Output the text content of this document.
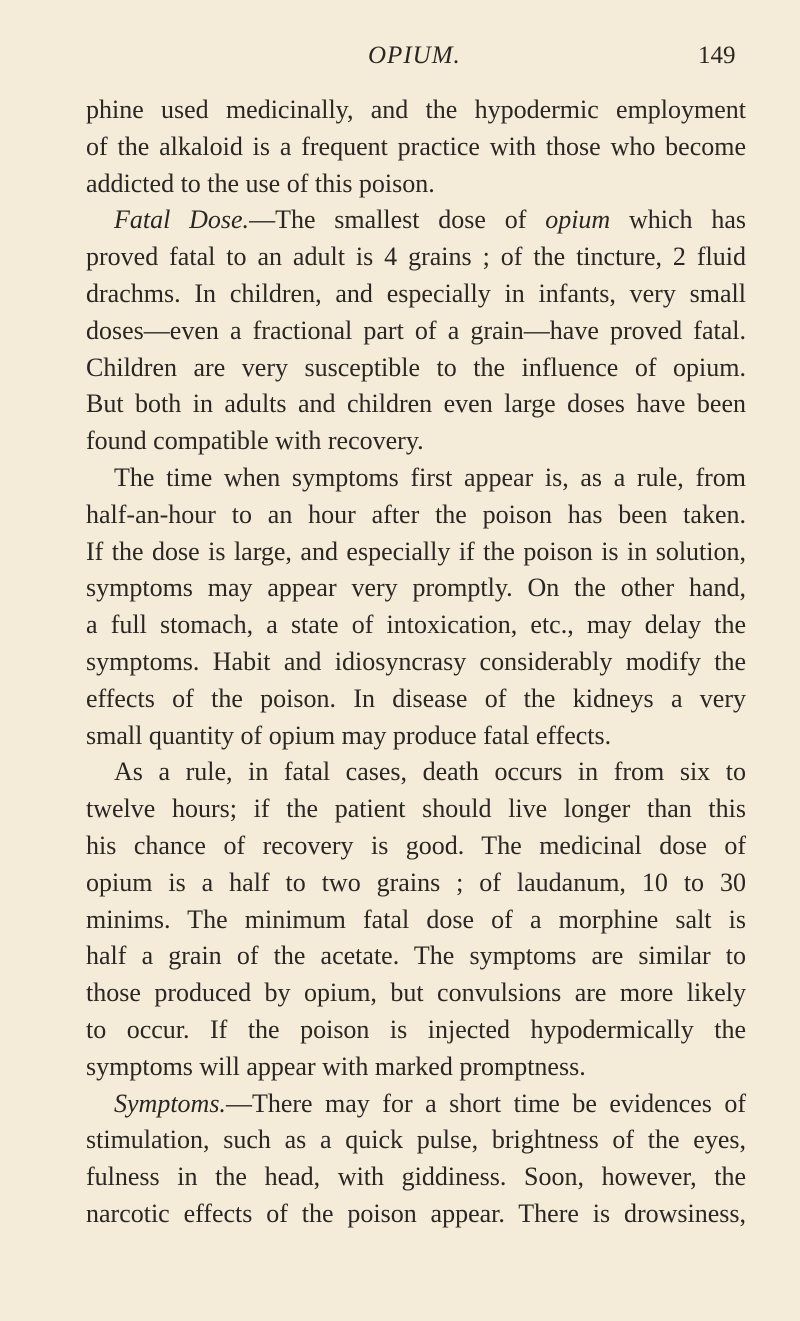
OPIUM.	149
phine used medicinally, and the hypodermic employment
of the alkaloid is a frequent practice with those who become
addicted to the use of this poison.
Fatal Dose.—The smallest dose of opium which has
proved fatal to an adult is 4 grains ; of the tincture, 2 fluid
drachms. In children, and especially in infants, very small
doses—even a fractional part of a grain—have proved fatal.
Children are very susceptible to the influence of opium.
But both in adults and children even large doses have been
found compatible with recovery.
The time when symptoms first appear is, as a rule, from
half-an-hour to an hour after the poison has been taken.
If the dose is large, and especially if the poison is in solution,
symptoms may appear very promptly. On the other hand,
a full stomach, a state of intoxication, etc., may delay the
symptoms. Habit and idiosyncrasy considerably modify the
effects of the poison. In disease of the kidneys a very
small quantity of opium may produce fatal effects.
As a rule, in fatal cases, death occurs in from six to
twelve hours; if the patient should live longer than this
his chance of recovery is good. The medicinal dose of
opium is a half to two grains ; of laudanum, 10 to 30
minims. The minimum fatal dose of a morphine salt is
half a grain of the acetate. The symptoms are similar to
those produced by opium, but convulsions are more likely
to occur. If the poison is injected hypodermically the
symptoms will appear with marked promptness.
Symptoms.—There may for a short time be evidences of
stimulation, such as a quick pulse, brightness of the eyes,
fulness in the head, with giddiness. Soon, however, the
narcotic effects of the poison appear. There is drowsiness,
